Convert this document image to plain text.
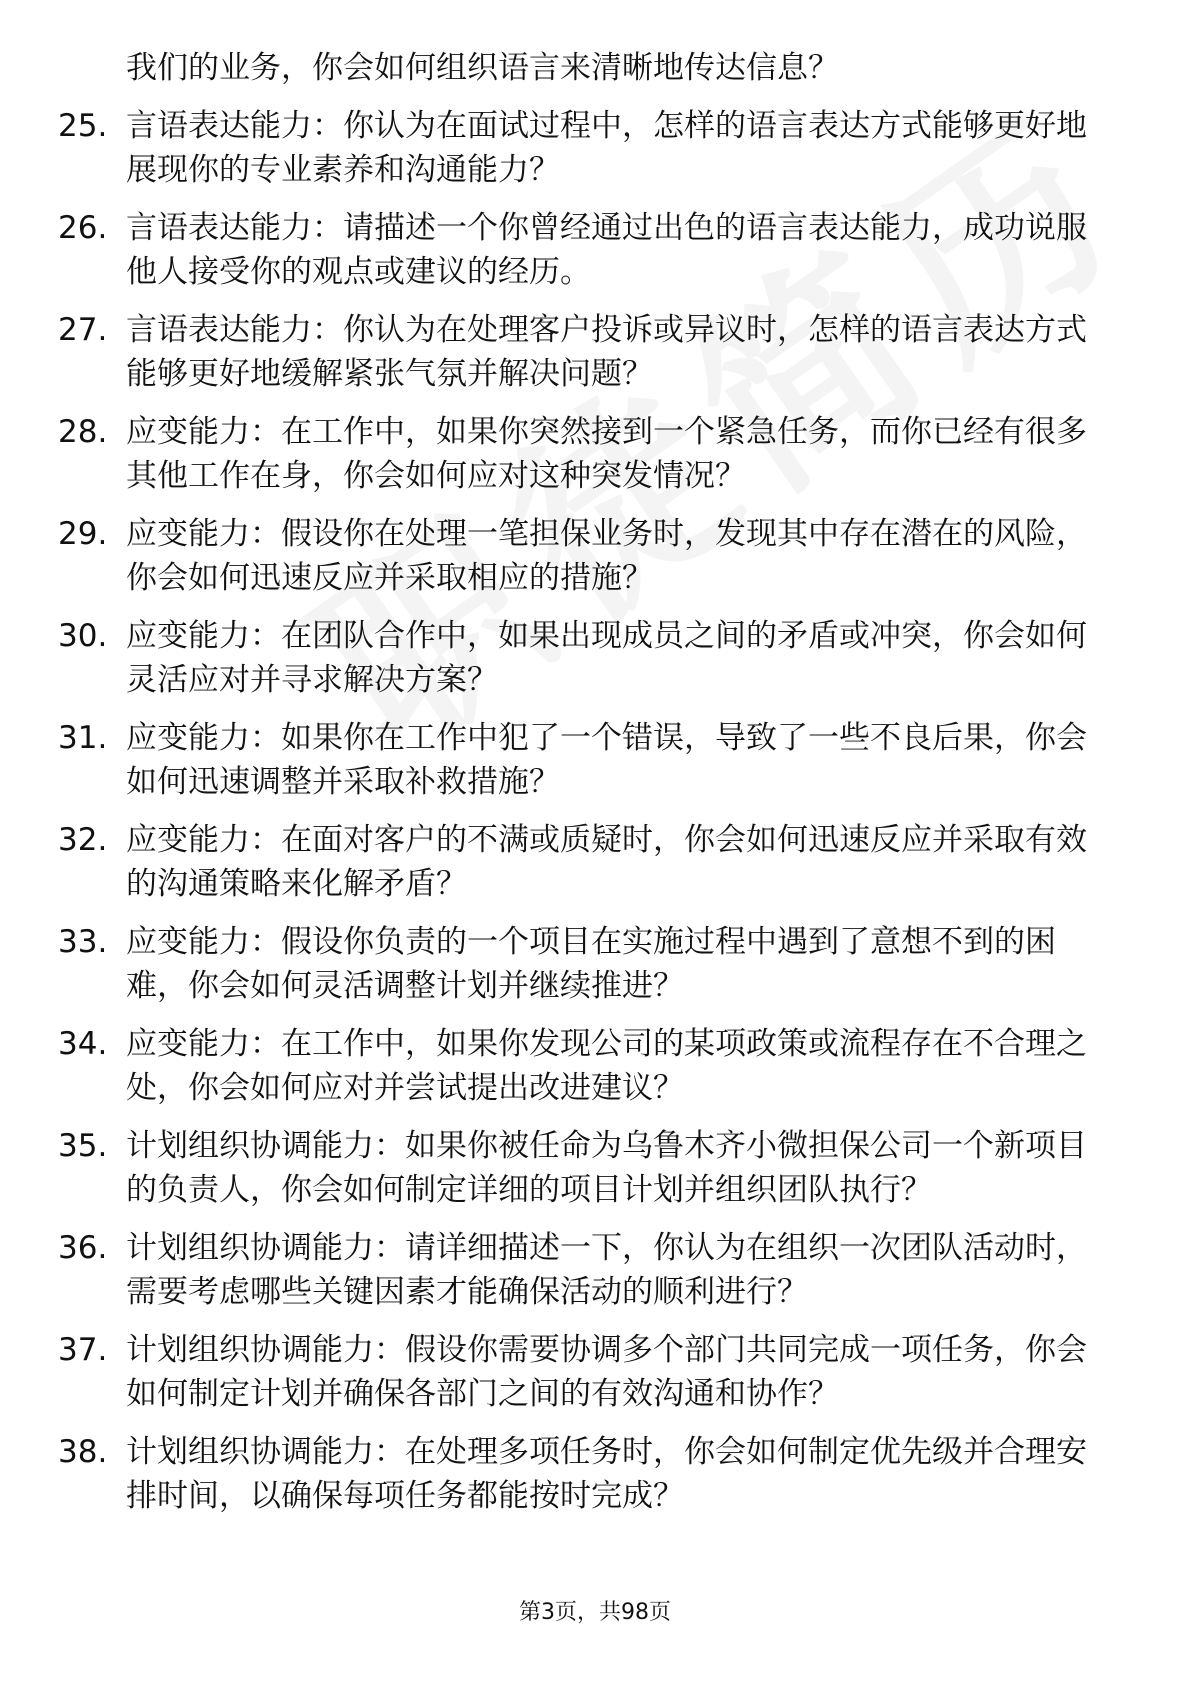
我们的业务，你会如何组织语言来清晰地传达信息？

25. 言语表达能力：你认为在面试过程中，怎样的语言表达方式能够更好地展现你的专业素养和沟通能力？
26. 言语表达能力：请描述一个你曾经通过出色的语言表达能力，成功说服他人接受你的观点或建议的经历。
27. 言语表达能力：你认为在处理客户投诉或异议时，怎样的语言表达方式能够更好地缓解紧张气氛并解决问题？
28. 应变能力：在工作中，如果你突然接到一个紧急任务，而你已经有很多其他工作在身，你会如何应对这种突发情况？
29. 应变能力：假设你在处理一笔担保业务时，发现其中存在潜在的风险，你会如何迅速反应并采取相应的措施？
30. 应变能力：在团队合作中，如果出现成员之间的矛盾或冲突，你会如何灵活应对并寻求解决方案？
31. 应变能力：如果你在工作中犯了一个错误，导致了一些不良后果，你会如何迅速调整并采取补救措施？
32. 应变能力：在面对客户的不满或质疑时，你会如何迅速反应并采取有效的沟通策略来化解矛盾？
33. 应变能力：假设你负责的一个项目在实施过程中遇到了意想不到的困难，你会如何灵活调整计划并继续推进？
34. 应变能力：在工作中，如果你发现公司的某项政策或流程存在不合理之处，你会如何应对并尝试提出改进建议？
35. 计划组织协调能力：如果你被任命为乌鲁木齐小微担保公司一个新项目的负责人，你会如何制定详细的项目计划并组织团队执行？
36. 计划组织协调能力：请详细描述一下，你认为在组织一次团队活动时，需要考虑哪些关键因素才能确保活动的顺利进行？
37. 计划组织协调能力：假设你需要协调多个部门共同完成一项任务，你会如何制定计划并确保各部门之间的有效沟通和协作？
38. 计划组织协调能力：在处理多项任务时，你会如何制定优先级并合理安排时间，以确保每项任务都能按时完成？
第3页，共98页
